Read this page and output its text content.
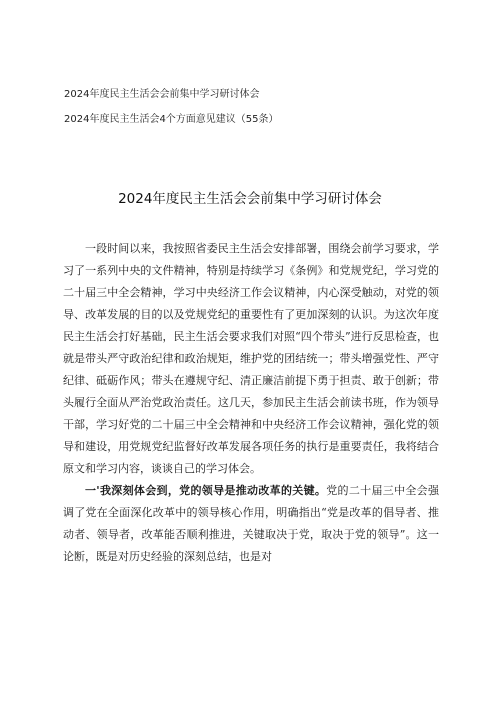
2024年度民主生活会会前集中学习研讨体会
2024年度民主生活会4个方面意见建议（55条）
2024年度民主生活会会前集中学习研讨体会

一段时间以来，我按照省委民主生活会安排部署，围绕会前学习要求，学习了一系列中央的文件精神，特别是持续学习《条例》和党规党纪，学习党的二十届三中全会精神，学习中央经济工作会议精神，内心深受触动，对党的领导、改革发展的目的以及党规党纪的重要性有了更加深刻的认识。为这次年度民主生活会打好基础，民主生活会要求我们对照“四个带头”进行反思检查，也就是带头严守政治纪律和政治规矩，维护党的团结统一；带头增强党性、严守纪律、砥砺作风；带头在遵规守纪、清正廉洁前提下勇于担责、敢于创新；带头履行全面从严治党政治责任。这几天，参加民主生活会前读书班，作为领导干部，学习好党的二十届三中全会精神和中央经济工作会议精神，强化党的领导和建设，用党规党纪监督好改革发展各项任务的执行是重要责任，我将结合原文和学习内容，谈谈自己的学习体会。

一'我深刻体会到，党的领导是推动改革的关键。党的二十届三中全会强调了党在全面深化改革中的领导核心作用，明确指出“党是改革的倡导者、推动者、领导者，改革能否顺利推进，关键取决于党，取决于党的领导”。这一论断，既是对历史经验的深刻总结，也是对
